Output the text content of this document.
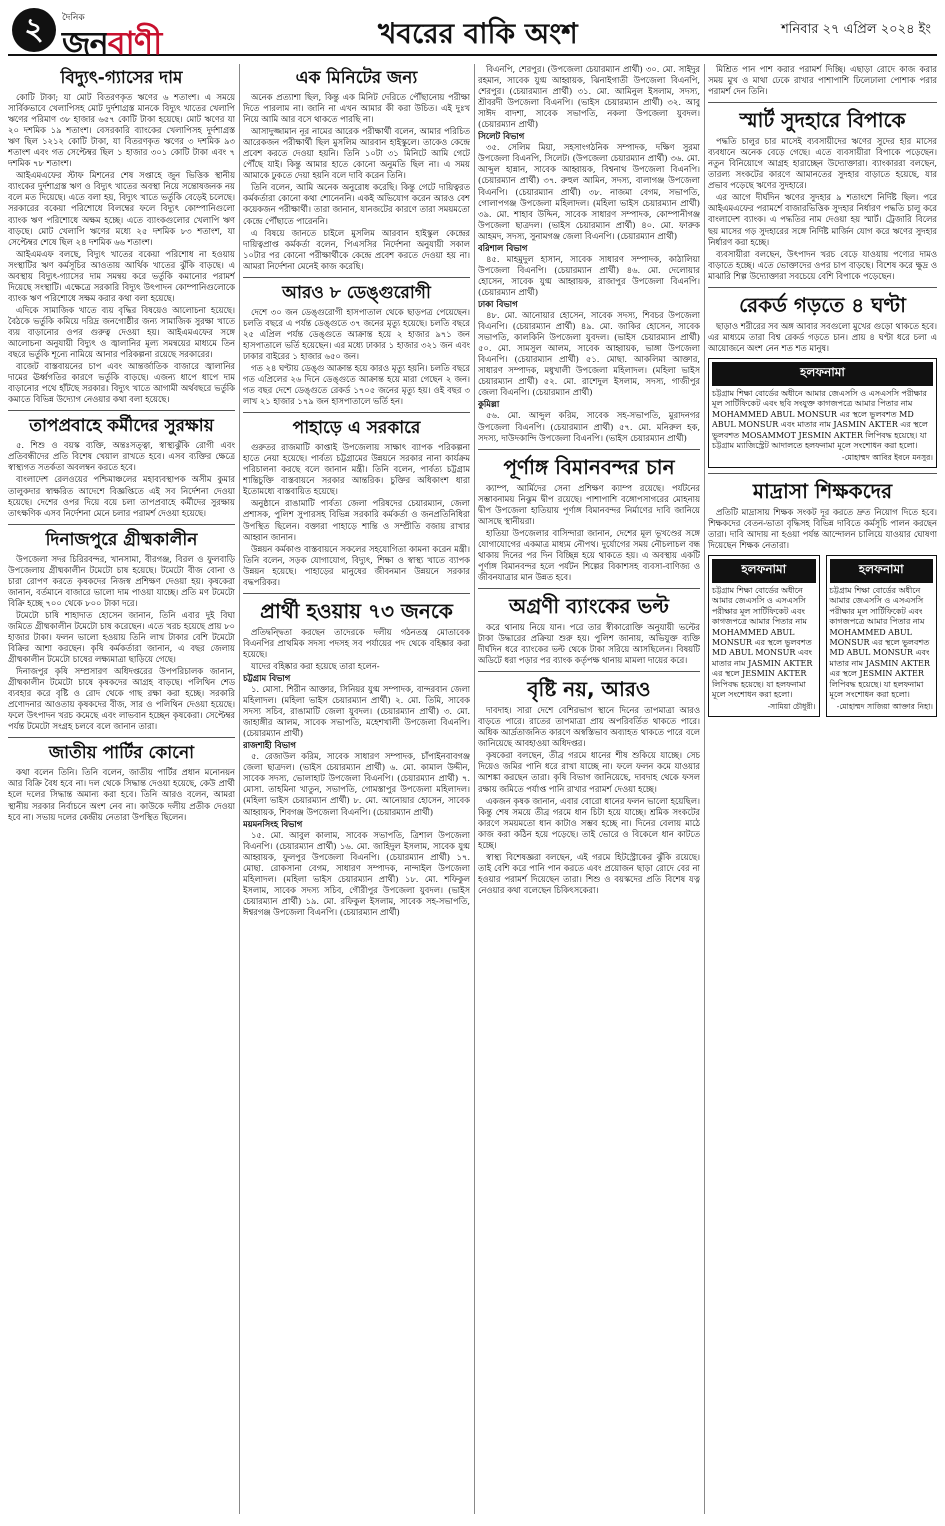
২	দৈনিক
জনবাণী	খবরের বাকি অংশ	শনিবার ২৭ এপ্রিল ২০২৪ ইং
বিদ্যুৎ-গ্যাসের দাম

কোটি টাকা; যা মোট বিতরণকৃত ঋণের ৬ শতাংশ। এ সময়ে সার্বিকভাবে খেলাপিসহ মোট দুর্দশাগ্রস্ত মানকে বিদ্যুৎ খাতের খেলাপি ঋণের পরিমাণ ৩৮ হাজার ৬৫৭ কোটি টাকা হয়েছে। মোট ঋণের যা ২০ দশমিক ১৯ শতাংশ। বেসরকারি ব্যাংকের খেলাপিসহ দুর্দশাগ্রস্ত ঋণ ছিল ১২১২ কোটি টাকা, যা বিতরণকৃত ঋণের ৩ দশমিক ৯৩ শতাংশ এবং গত সেপ্টেম্বর ছিল ১ হাজার ৩০১ কোটি টাকা এবং ৭ দশমিক ৭৮ শতাংশ।

আইএমএফের স্টাফ মিশনের শেষ সপ্তাহে জুন ভিত্তিক স্থানীয় ব্যাংকের দুর্দশাগ্রস্ত ঋণ ও বিদ্যুৎ খাতের অবস্থা নিয়ে সন্তোষজনক নয় বলে মত দিয়েছে। এতে বলা হয়, বিদ্যুৎ খাতে ভর্তুকি বেড়েই চলেছে। সরকারের বকেয়া পরিশোধে বিলম্বের ফলে বিদ্যুৎ কোম্পানিগুলো ব্যাংক ঋণ পরিশোধে অক্ষম হচ্ছে। এতে ব্যাংকগুলোর খেলাপি ঋণ বাড়ছে। মোট খেলাপি ঋণের মধ্যে ২৫ দশমিক ৮৩ শতাংশ, যা সেপ্টেম্বর শেষে ছিল ২৪ দশমিক ৬৬ শতাংশ।

আইএমএফ বলছে, বিদ্যুৎ খাতের বকেয়া পরিশোধ না হওয়ায় সংস্থাটির ঋণ কর্মসূচির আওতায় আর্থিক খাতের ঝুঁকি বাড়ছে। এ অবস্থায় বিদ্যুৎ-গ্যাসের দাম সমন্বয় করে ভর্তুকি কমানোর পরামর্শ দিয়েছে সংস্থাটি। এক্ষেত্রে সরকারি বিদ্যুৎ উৎপাদন কোম্পানিগুলোকে ব্যাংক ঋণ পরিশোধে সক্ষম করার কথা বলা হয়েছে।

এদিকে সামাজিক খাতে ব্যয় বৃদ্ধির বিষয়েও আলোচনা হয়েছে। বৈঠকে ভর্তুকি কমিয়ে দরিদ্র জনগোষ্ঠীর জন্য সামাজিক সুরক্ষা খাতে ব্যয় বাড়ানোর ওপর গুরুত্ব দেওয়া হয়। আইএমএফের সঙ্গে আলোচনা অনুযায়ী বিদ্যুৎ ও জ্বালানির মূল্য সমন্বয়ের মাধ্যমে তিন বছরে ভর্তুকি শূন্যে নামিয়ে আনার পরিকল্পনা রয়েছে সরকারের।

বাজেট বাস্তবায়নের চাপ এবং আন্তর্জাতিক বাজারে জ্বালানির দামের ঊর্ধ্বগতির কারণে ভর্তুকি বাড়ছে। এজন্য ধাপে ধাপে দাম বাড়ানোর পথে হাঁটছে সরকার। বিদ্যুৎ খাতে আগামী অর্থবছরে ভর্তুকি কমাতে বিভিন্ন উদ্যোগ নেওয়ার কথা বলা হয়েছে।

তাপপ্রবাহে কর্মীদের সুরক্ষায়

৫. শিশু ও বয়স্ক ব্যক্তি, অন্তঃসত্ত্বা, স্বাস্থ্যঝুঁকি রোগী এবং প্রতিবন্ধীদের প্রতি বিশেষ খেয়াল রাখতে হবে। এসব ব্যক্তির ক্ষেত্রে স্বাস্থ্যগত সতর্কতা অবলম্বন করতে হবে।

বাংলাদেশ রেলওয়ের পশ্চিমাঞ্চলের মহাব্যবস্থাপক অসীম কুমার তালুকদার স্বাক্ষরিত আদেশে বিজ্ঞপ্তিতে এই সব নির্দেশনা দেওয়া হয়েছে। দেশের ওপর দিয়ে বয়ে চলা তাপপ্রবাহে কর্মীদের সুরক্ষায় তাৎক্ষণিক এসব নির্দেশনা মেনে চলার পরামর্শ দেওয়া হয়েছে।

দিনাজপুরে গ্রীষ্মকালীন

উপজেলা সদর চিরিরবন্দর, খানসামা, বীরগঞ্জ, বিরল ও ফুলবাড়ি উপজেলায় গ্রীষ্মকালীন টমেটো চাষ হয়েছে। টমেটো বীজ বোনা ও চারা রোপণ করতে কৃষকদের নিজস্ব প্রশিক্ষণ দেওয়া হয়। কৃষকেরা জানান, বর্তমানে বাজারে ভালো দাম পাওয়া যাচ্ছে। প্রতি মণ টমেটো বিক্রি হচ্ছে ৭০০ থেকে ৮০০ টাকা দরে।

টমেটো চাষি শাহাদাত হোসেন জানান, তিনি এবার দুই বিঘা জমিতে গ্রীষ্মকালীন টমেটো চাষ করেছেন। এতে খরচ হয়েছে প্রায় ৮০ হাজার টাকা। ফলন ভালো হওয়ায় তিনি লাখ টাকার বেশি টমেটো বিক্রির আশা করছেন। কৃষি কর্মকর্তারা জানান, এ বছর জেলায় গ্রীষ্মকালীন টমেটো চাষের লক্ষ্যমাত্রা ছাড়িয়ে গেছে।

দিনাজপুর কৃষি সম্প্রসারণ অধিদপ্তরের উপপরিচালক জানান, গ্রীষ্মকালীন টমেটো চাষে কৃষকদের আগ্রহ বাড়ছে। পলিথিন শেড ব্যবহার করে বৃষ্টি ও রোদ থেকে গাছ রক্ষা করা হচ্ছে। সরকারি প্রণোদনার আওতায় কৃষকদের বীজ, সার ও পলিথিন দেওয়া হয়েছে। ফলে উৎপাদন খরচ কমেছে এবং লাভবান হচ্ছেন কৃষকেরা। সেপ্টেম্বর পর্যন্ত টমেটো সংগ্রহ চলবে বলে জানান তারা।

জাতীয় পার্টির কোনো

কথা বলেন তিনি। তিনি বলেন, জাতীয় পার্টির প্রধান মনোনয়ন আর বিক্রি বৈধ হবে না। দল থেকে সিদ্ধান্ত দেওয়া হয়েছে, কেউ প্রার্থী হলে দলের সিদ্ধান্ত অমান্য করা হবে। তিনি আরও বলেন, আমরা স্থানীয় সরকার নির্বাচনে অংশ নেব না। কাউকে দলীয় প্রতীক দেওয়া হবে না। সভায় দলের কেন্দ্রীয় নেতারা উপস্থিত ছিলেন।

এক মিনিটের জন্য

অনেক প্রত্যাশা ছিল, কিন্তু এক মিনিট দেরিতে পৌঁছানোয় পরীক্ষা দিতে পারলাম না। জানি না এখন আমার কী করা উচিত। এই দুঃখ নিয়ে আমি আর বসে থাকতে পারছি না।

আসাদুজ্জামান নূর নামের আরেক পরীক্ষার্থী বলেন, আমার পরিচিত আরেকজন পরীক্ষার্থী ছিল মুসলিম আরবান হাইস্কুলে। তাকেও কেন্দ্রে প্রবেশ করতে দেওয়া হয়নি। তিনি ১০টা ৩১ মিনিটে আমি গেটে পৌঁছে যাই। কিন্তু আমার হাতে কোনো অনুমতি ছিল না। এ সময় আমাকে ঢুকতে দেয়া হয়নি বলে দাবি করেন তিনি।

তিনি বলেন, আমি অনেক অনুরোধ করেছি। কিন্তু গেটে দায়িত্বরত কর্মকর্তারা কোনো কথা শোনেননি। একই অভিযোগ করেন আরও বেশ কয়েকজন পরীক্ষার্থী। তারা জানান, যানজটের কারণে তারা সময়মতো কেন্দ্রে পৌঁছাতে পারেননি।

এ বিষয়ে জানতে চাইলে মুসলিম আরবান হাইস্কুল কেন্দ্রের দায়িত্বপ্রাপ্ত কর্মকর্তা বলেন, পিএসসির নির্দেশনা অনুযায়ী সকাল ১০টার পর কোনো পরীক্ষার্থীকে কেন্দ্রে প্রবেশ করতে দেওয়া হয় না। আমরা নির্দেশনা মেনেই কাজ করেছি।

আরও ৮ ডেঙ্গুরোগী

দেশে ৩০ জন ডেঙ্গুরোগী হাসপাতাল থেকে ছাড়পত্র পেয়েছেন। চলতি বছরে এ পর্যন্ত ডেঙ্গুতে ৩৭ জনের মৃত্যু হয়েছে। চলতি বছরে ২৫ এপ্রিল পর্যন্ত ডেঙ্গুতে আক্রান্ত হয়ে ২ হাজার ৯৭১ জন হাসপাতালে ভর্তি হয়েছেন। এর মধ্যে ঢাকার ১ হাজার ৩২১ জন এবং ঢাকার বাইরের ১ হাজার ৬৫০ জন।

গত ২৪ ঘণ্টায় ডেঙ্গু আক্রান্ত হয়ে কারও মৃত্যু হয়নি। চলতি বছরে গত এপ্রিলের ২৬ দিনে ডেঙ্গুতে আক্রান্ত হয়ে মারা গেছেন ২ জন। গত বছর দেশে ডেঙ্গুতে রেকর্ড ১৭০৫ জনের মৃত্যু হয়। ওই বছর ৩ লাখ ২১ হাজার ১৭৯ জন হাসপাতালে ভর্তি হন।

পাহাড়ে এ সরকারে

গুরুতর রাজমাটি কাপ্তাই উপজেলায় সাক্ষাৎ ব্যাপক পরিকল্পনা হাতে নেয়া হয়েছে। পার্বত্য চট্টগ্রামের উন্নয়নে সরকার নানা কার্যক্রম পরিচালনা করছে বলে জানান মন্ত্রী। তিনি বলেন, পার্বত্য চট্টগ্রাম শান্তিচুক্তি বাস্তবায়নে সরকার আন্তরিক। চুক্তির অধিকাংশ ধারা ইতোমধ্যে বাস্তবায়িত হয়েছে।

অনুষ্ঠানে রাঙামাটি পার্বত্য জেলা পরিষদের চেয়ারম্যান, জেলা প্রশাসক, পুলিশ সুপারসহ বিভিন্ন সরকারি কর্মকর্তা ও জনপ্রতিনিধিরা উপস্থিত ছিলেন। বক্তারা পাহাড়ে শান্তি ও সম্প্রীতি বজায় রাখার আহ্বান জানান।

উন্নয়ন কর্মকাণ্ড বাস্তবায়নে সকলের সহযোগিতা কামনা করেন মন্ত্রী। তিনি বলেন, সড়ক যোগাযোগ, বিদ্যুৎ, শিক্ষা ও স্বাস্থ্য খাতে ব্যাপক উন্নয়ন হয়েছে। পাহাড়ের মানুষের জীবনমান উন্নয়নে সরকার বদ্ধপরিকর।

প্রার্থী হওয়ায় ৭৩ জনকে

প্রতিদ্বন্দ্বিতা করছেন তাদেরকে দলীয় গঠনতন্ত্র মোতাবেক বিএনপির প্রাথমিক সদস্য পদসহ সব পর্যায়ের পদ থেকে বহিষ্কার করা হয়েছে।

যাদের বহিষ্কার করা হয়েছে তারা হলেন-

চট্টগ্রাম বিভাগ

১. মোসা. শিরীন আক্তার, সিনিয়র যুগ্ম সম্পাদক, বান্দরবান জেলা মহিলাদল। (মহিলা ভাইস চেয়ারম্যান প্রার্থী) ২. মো. তিমি, সাবেক সদস্য সচিব, রাঙামাটি জেলা যুবদল। (চেয়ারম্যান প্রার্থী) ৩. মো. জাহাঙ্গীর আলম, সাবেক সভাপতি, মহেশখালী উপজেলা বিএনপি। (চেয়ারম্যান প্রার্থী)

রাজশাহী বিভাগ

৫. রেজাউল করিম, সাবেক সাধারণ সম্পাদক, চাঁপাইনবাবগঞ্জ জেলা ছাত্রদল। (ভাইস চেয়ারম্যান প্রার্থী) ৬. মো. কামাল উদ্দীন, সাবেক সদস্য, ভোলাহাট উপজেলা বিএনপি। (চেয়ারম্যান প্রার্থী) ৭. মোসা. তাহমিনা খাতুন, সভাপতি, গোমস্তাপুর উপজেলা মহিলাদল। (মহিলা ভাইস চেয়ারম্যান প্রার্থী) ৮. মো. আনোয়ার হোসেন, সাবেক আহ্বায়ক, শিবগঞ্জ উপজেলা বিএনপি। (চেয়ারম্যান প্রার্থী)

ময়মনসিংহ বিভাগ

১৫. মো. আবুল কালাম, সাবেক সভাপতি, ত্রিশাল উপজেলা বিএনপি। (চেয়ারম্যান প্রার্থী) ১৬. মো. জাহিদুল ইসলাম, সাবেক যুগ্ম আহ্বায়ক, ফুলপুর উপজেলা বিএনপি। (চেয়ারম্যান প্রার্থী) ১৭. মোছা. রোকসানা বেগম, সাধারণ সম্পাদক, নান্দাইল উপজেলা মহিলাদল। (মহিলা ভাইস চেয়ারম্যান প্রার্থী) ১৮. মো. শফিকুল ইসলাম, সাবেক সদস্য সচিব, গৌরীপুর উপজেলা যুবদল। (ভাইস চেয়ারম্যান প্রার্থী) ১৯. মো. রফিকুল ইসলাম, সাবেক সহ-সভাপতি, ঈশ্বরগঞ্জ উপজেলা বিএনপি। (চেয়ারম্যান প্রার্থী)

বিএনপি, শেরপুর। (উপজেলা চেয়ারম্যান প্রার্থী) ৩০. মো. সাইদুর রহমান, সাবেক যুগ্ম আহ্বায়ক, ঝিনাইগাতী উপজেলা বিএনপি, শেরপুর। (চেয়ারম্যান প্রার্থী) ৩১. মো. আমিনুল ইসলাম, সদস্য, শ্রীবরদী উপজেলা বিএনপি। (ভাইস চেয়ারম্যান প্রার্থী) ৩২. আবু সাঈদ বাদশা, সাবেক সভাপতি, নকলা উপজেলা যুবদল। (চেয়ারম্যান প্রার্থী)

সিলেট বিভাগ

৩৫. সেলিম মিয়া, সহসাংগঠনিক সম্পাদক, দক্ষিণ সুরমা উপজেলা বিএনপি, সিলেট। (উপজেলা চেয়ারম্যান প্রার্থী) ৩৬. মো. আব্দুল হান্নান, সাবেক আহ্বায়ক, বিশ্বনাথ উপজেলা বিএনপি। (চেয়ারম্যান প্রার্থী) ৩৭. রুহুল আমিন, সদস্য, বালাগঞ্জ উপজেলা বিএনপি। (চেয়ারম্যান প্রার্থী) ৩৮. নাজমা বেগম, সভাপতি, গোলাপগঞ্জ উপজেলা মহিলাদল। (মহিলা ভাইস চেয়ারম্যান প্রার্থী) ৩৯. মো. শাহাব উদ্দিন, সাবেক সাধারণ সম্পাদক, কোম্পানীগঞ্জ উপজেলা ছাত্রদল। (ভাইস চেয়ারম্যান প্রার্থী) ৪০. মো. ফারুক আহমদ, সদস্য, সুনামগঞ্জ জেলা বিএনপি। (চেয়ারম্যান প্রার্থী)

বরিশাল বিভাগ

৪৫. মাহমুদুল হাসান, সাবেক সাধারণ সম্পাদক, কাঠালিয়া উপজেলা বিএনপি। (চেয়ারম্যান প্রার্থী) ৪৬. মো. দেলোয়ার হোসেন, সাবেক যুগ্ম আহ্বায়ক, রাজাপুর উপজেলা বিএনপি। (চেয়ারম্যান প্রার্থী)

ঢাকা বিভাগ

৪৮. মো. আনোয়ার হোসেন, সাবেক সদস্য, শিবচর উপজেলা বিএনপি। (চেয়ারম্যান প্রার্থী) ৪৯. মো. জাকির হোসেন, সাবেক সভাপতি, কালকিনি উপজেলা যুবদল। (ভাইস চেয়ারম্যান প্রার্থী) ৫০. মো. সামসুল আলম, সাবেক আহ্বায়ক, ভাঙ্গা উপজেলা বিএনপি। (চেয়ারম্যান প্রার্থী) ৫১. মোছা. আকলিমা আক্তার, সাধারণ সম্পাদক, মধুখালী উপজেলা মহিলাদল। (মহিলা ভাইস চেয়ারম্যান প্রার্থী) ৫২. মো. রাশেদুল ইসলাম, সদস্য, গাজীপুর জেলা বিএনপি। (চেয়ারম্যান প্রার্থী)

কুমিল্লা

৫৬. মো. আব্দুল করিম, সাবেক সহ-সভাপতি, মুরাদনগর উপজেলা বিএনপি। (চেয়ারম্যান প্রার্থী) ৫৭. মো. মনিরুল হক, সদস্য, দাউদকান্দি উপজেলা বিএনপি। (ভাইস চেয়ারম্যান প্রার্থী)

পূর্ণাঙ্গ বিমানবন্দর চান

ক্যাম্প, আর্মিদের সেনা প্রশিক্ষণ ক্যাম্প রয়েছে। পর্যটনের সম্ভাবনাময় নিঝুম দ্বীপ রয়েছে। পাশাপাশি বঙ্গোপসাগরের মোহনায় দ্বীপ উপজেলা হাতিয়ায় পূর্ণাঙ্গ বিমানবন্দর নির্মাণের দাবি জানিয়ে আসছে স্থানীয়রা।

হাতিয়া উপজেলার বাসিন্দারা জানান, দেশের মূল ভূখণ্ডের সঙ্গে যোগাযোগের একমাত্র মাধ্যম নৌপথ। দুর্যোগের সময় নৌচলাচল বন্ধ থাকায় দিনের পর দিন বিচ্ছিন্ন হয়ে থাকতে হয়। এ অবস্থায় একটি পূর্ণাঙ্গ বিমানবন্দর হলে পর্যটন শিল্পের বিকাশসহ ব্যবসা-বাণিজ্য ও জীবনযাত্রার মান উন্নত হবে।

অগ্রণী ব্যাংকের ভল্ট

করে থানায় নিয়ে যান। পরে তার স্বীকারোক্তি অনুযায়ী ভল্টের টাকা উদ্ধারের প্রক্রিয়া শুরু হয়। পুলিশ জানায়, অভিযুক্ত ব্যক্তি দীর্ঘদিন ধরে ব্যাংকের ভল্ট থেকে টাকা সরিয়ে আসছিলেন। বিষয়টি অডিটে ধরা পড়ার পর ব্যাংক কর্তৃপক্ষ থানায় মামলা দায়ের করে।

বৃষ্টি নয়, আরও

দাবদাহ। সারা দেশে বেশিরভাগ স্থানে দিনের তাপমাত্রা আরও বাড়তে পারে। রাতের তাপমাত্রা প্রায় অপরিবর্তিত থাকতে পারে। অধিক আর্দ্রতাজনিত কারণে অস্বস্তিভাব অব্যাহত থাকতে পারে বলে জানিয়েছে আবহাওয়া অধিদপ্তর।

কৃষকেরা বলছেন, তীব্র গরমে ধানের শীষ শুকিয়ে যাচ্ছে। সেচ দিয়েও জমির পানি ধরে রাখা যাচ্ছে না। ফলে ফলন কমে যাওয়ার আশঙ্কা করছেন তারা। কৃষি বিভাগ জানিয়েছে, দাবদাহ থেকে ফসল রক্ষায় জমিতে পর্যাপ্ত পানি রাখার পরামর্শ দেওয়া হচ্ছে।

একজন কৃষক জানান, এবার বোরো ধানের ফলন ভালো হয়েছিল। কিন্তু শেষ সময়ে তীব্র গরমে ধান চিটা হয়ে যাচ্ছে। শ্রমিক সংকটের কারণে সময়মতো ধান কাটাও সম্ভব হচ্ছে না। দিনের বেলায় মাঠে কাজ করা কঠিন হয়ে পড়েছে। তাই ভোরে ও বিকেলে ধান কাটতে হচ্ছে।

স্বাস্থ্য বিশেষজ্ঞরা বলছেন, এই গরমে হিটস্ট্রোকের ঝুঁকি রয়েছে। তাই বেশি করে পানি পান করতে এবং প্রয়োজন ছাড়া রোদে বের না হওয়ার পরামর্শ দিয়েছেন তারা। শিশু ও বয়স্কদের প্রতি বিশেষ যত্ন নেওয়ার কথা বলেছেন চিকিৎসকেরা।

মিশ্রিত পান পাশ করার পরামর্শ দিচ্ছি। এছাড়া রোদে কাজ করার সময় মুখ ও মাথা ঢেকে রাখার পাশাপাশি ঢিলেঢালা পোশাক পরার পরামর্শ দেন তিনি।

স্মার্ট সুদহারে বিপাকে

পদ্ধতি চালুর চার মাসেই ব্যবসায়ীদের ঋণের সুদের হার মাসের ব্যবধানে অনেক বেড়ে গেছে। এতে ব্যবসায়ীরা বিপাকে পড়েছেন। নতুন বিনিয়োগে আগ্রহ হারাচ্ছেন উদ্যোক্তারা। ব্যাংকাররা বলছেন, তারল্য সংকটের কারণে আমানতের সুদহার বাড়াতে হয়েছে, যার প্রভাব পড়েছে ঋণের সুদহারে।

এর আগে দীর্ঘদিন ঋণের সুদহার ৯ শতাংশে নির্দিষ্ট ছিল। পরে আইএমএফের পরামর্শে বাজারভিত্তিক সুদহার নির্ধারণ পদ্ধতি চালু করে বাংলাদেশ ব্যাংক। এ পদ্ধতির নাম দেওয়া হয় স্মার্ট। ট্রেজারি বিলের ছয় মাসের গড় সুদহারের সঙ্গে নির্দিষ্ট মার্জিন যোগ করে ঋণের সুদহার নির্ধারণ করা হচ্ছে।

ব্যবসায়ীরা বলছেন, উৎপাদন খরচ বেড়ে যাওয়ায় পণ্যের দামও বাড়াতে হচ্ছে। এতে ভোক্তাদের ওপর চাপ বাড়ছে। বিশেষ করে ক্ষুদ্র ও মাঝারি শিল্প উদ্যোক্তারা সবচেয়ে বেশি বিপাকে পড়েছেন।

রেকর্ড গড়তে ৪ ঘণ্টা

ছাড়াও শরীরের সব অঙ্গ আবার সবগুলো মুখের গুড়ো থাকতে হবে। এর মাধ্যমে তারা বিশ্ব রেকর্ড গড়তে চান। প্রায় ৪ ঘণ্টা ধরে চলা এ আয়োজনে অংশ নেন শত শত মানুষ।

হলফনামা
চট্টগ্রাম শিক্ষা বোর্ডের অধীনে আমার জেএসসি ও এসএসসি পরীক্ষার মূল সার্টিফিকেট এবং ছবি সংযুক্ত কাগজপত্রে আমার পিতার নাম MOHAMMED ABUL MONSUR এর স্থলে ভুলবশত MD ABUL MONSUR এবং মাতার নাম JASMIN AKTER এর স্থলে ভুলবশত MOSAMMOT JESMIN AKTER লিপিবদ্ধ হয়েছে। যা চট্টগ্রাম ম্যাজিস্ট্রেট আদালতে হলফনামা মূলে সংশোধন করা হলো।
-মোহাম্মদ আবির ইবনে মনসুর।
মাদ্রাসা শিক্ষকদের

প্রতিটি মাদ্রাসায় শিক্ষক সংকট দূর করতে দ্রুত নিয়োগ দিতে হবে। শিক্ষকদের বেতন-ভাতা বৃদ্ধিসহ বিভিন্ন দাবিতে কর্মসূচি পালন করছেন তারা। দাবি আদায় না হওয়া পর্যন্ত আন্দোলন চালিয়ে যাওয়ার ঘোষণা দিয়েছেন শিক্ষক নেতারা।

হলফনামা
চট্টগ্রাম শিক্ষা বোর্ডের অধীনে আমার জেএসসি ও এসএসসি পরীক্ষার মূল সার্টিফিকেট এবং কাগজপত্রে আমার পিতার নাম MOHAMMED ABUL MONSUR এর স্থলে ভুলবশত MD ABUL MONSUR এবং মাতার নাম JASMIN AKTER এর স্থলে JESMIN AKTER লিপিবদ্ধ হয়েছে। যা হলফনামা মূলে সংশোধন করা হলো।
-সামিয়া চৌধুরী।
হলফনামা
চট্টগ্রাম শিক্ষা বোর্ডের অধীনে আমার জেএসসি ও এসএসসি পরীক্ষার মূল সার্টিফিকেট এবং কাগজপত্রে আমার পিতার নাম MOHAMMED ABUL MONSUR এর স্থলে ভুলবশত MD ABUL MONSUR এবং মাতার নাম JASMIN AKTER এর স্থলে JESMIN AKTER লিপিবদ্ধ হয়েছে। যা হলফনামা মূলে সংশোধন করা হলো।
-মোহাম্মদ সাজিয়া আক্তার নিহা।
